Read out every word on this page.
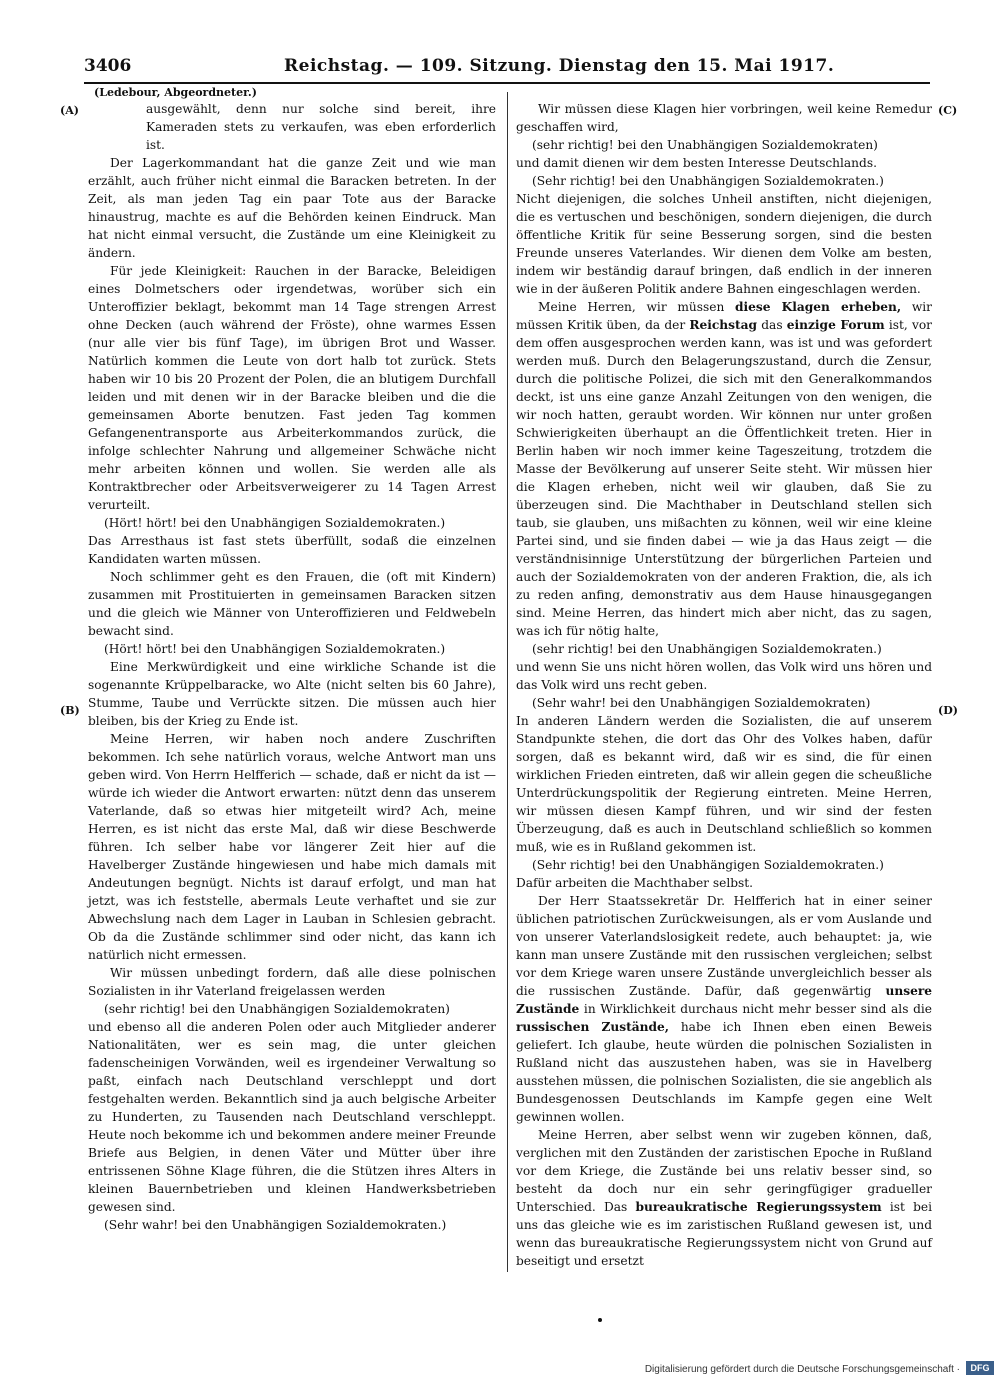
3406	Reichstag. — 109. Sitzung. Dienstag den 15. Mai 1917.
(Ledebour, Abgeordneter.)
(A)
(B)
(C)
(D)

ausgewählt, denn nur solche sind bereit, ihre Kameraden stets zu verkaufen, was eben erforderlich ist.

Der Lagerkommandant hat die ganze Zeit und wie man erzählt, auch früher nicht einmal die Baracken betreten. In der Zeit, als man jeden Tag ein paar Tote aus der Baracke hinaustrug, machte es auf die Behörden keinen Eindruck. Man hat nicht einmal versucht, die Zustände um eine Kleinigkeit zu ändern.

Für jede Kleinigkeit: Rauchen in der Baracke, Beleidigen eines Dolmetschers oder irgendetwas, worüber sich ein Unteroffizier beklagt, bekommt man 14 Tage strengen Arrest ohne Decken (auch während der Fröste), ohne warmes Essen (nur alle vier bis fünf Tage), im übrigen Brot und Wasser. Natürlich kommen die Leute von dort halb tot zurück. Stets haben wir 10 bis 20 Prozent der Polen, die an blutigem Durchfall leiden und mit denen wir in der Baracke bleiben und die die gemeinsamen Aborte benutzen. Fast jeden Tag kommen Gefangenentransporte aus Arbeiterkommandos zurück, die infolge schlechter Nahrung und allgemeiner Schwäche nicht mehr arbeiten können und wollen. Sie werden alle als Kontraktbrecher oder Arbeitsverweigerer zu 14 Tagen Arrest verurteilt.

(Hört! hört! bei den Unabhängigen Sozialdemokraten.)

Das Arresthaus ist fast stets überfüllt, sodaß die einzelnen Kandidaten warten müssen.

Noch schlimmer geht es den Frauen, die (oft mit Kindern) zusammen mit Prostituierten in gemeinsamen Baracken sitzen und die gleich wie Männer von Unteroffizieren und Feldwebeln bewacht sind.

(Hört! hört! bei den Unabhängigen Sozialdemokraten.)

Eine Merkwürdigkeit und eine wirkliche Schande ist die sogenannte Krüppelbaracke, wo Alte (nicht selten bis 60 Jahre), Stumme, Taube und Verrückte sitzen. Die müssen auch hier bleiben, bis der Krieg zu Ende ist.

Meine Herren, wir haben noch andere Zuschriften bekommen. Ich sehe natürlich voraus, welche Antwort man uns geben wird. Von Herrn Helfferich — schade, daß er nicht da ist — würde ich wieder die Antwort erwarten: nützt denn das unserem Vaterlande, daß so etwas hier mitgeteilt wird? Ach, meine Herren, es ist nicht das erste Mal, daß wir diese Beschwerde führen. Ich selber habe vor längerer Zeit hier auf die Havelberger Zustände hingewiesen und habe mich damals mit Andeutungen begnügt. Nichts ist darauf erfolgt, und man hat jetzt, was ich feststelle, abermals Leute verhaftet und sie zur Abwechslung nach dem Lager in Lauban in Schlesien gebracht. Ob da die Zustände schlimmer sind oder nicht, das kann ich natürlich nicht ermessen.

Wir müssen unbedingt fordern, daß alle diese polnischen Sozialisten in ihr Vaterland freigelassen werden

(sehr richtig! bei den Unabhängigen Sozialdemokraten)

und ebenso all die anderen Polen oder auch Mitglieder anderer Nationalitäten, wer es sein mag, die unter gleichen fadenscheinigen Vorwänden, weil es irgendeiner Verwaltung so paßt, einfach nach Deutschland verschleppt und dort festgehalten werden. Bekanntlich sind ja auch belgische Arbeiter zu Hunderten, zu Tausenden nach Deutschland verschleppt. Heute noch bekomme ich und bekommen andere meiner Freunde Briefe aus Belgien, in denen Väter und Mütter über ihre entrissenen Söhne Klage führen, die die Stützen ihres Alters in kleinen Bauernbetrieben und kleinen Handwerksbetrieben gewesen sind.

(Sehr wahr! bei den Unabhängigen Sozialdemokraten.)

Wir müssen diese Klagen hier vorbringen, weil keine Remedur geschaffen wird,

(sehr richtig! bei den Unabhängigen Sozialdemokraten)

und damit dienen wir dem besten Interesse Deutschlands.

(Sehr richtig! bei den Unabhängigen Sozialdemokraten.)

Nicht diejenigen, die solches Unheil anstiften, nicht diejenigen, die es vertuschen und beschönigen, sondern diejenigen, die durch öffentliche Kritik für seine Besserung sorgen, sind die besten Freunde unseres Vaterlandes. Wir dienen dem Volke am besten, indem wir beständig darauf bringen, daß endlich in der inneren wie in der äußeren Politik andere Bahnen eingeschlagen werden.

Meine Herren, wir müssen diese Klagen erheben, wir müssen Kritik üben, da der Reichstag das einzige Forum ist, vor dem offen ausgesprochen werden kann, was ist und was gefordert werden muß. Durch den Belagerungszustand, durch die Zensur, durch die politische Polizei, die sich mit den Generalkommandos deckt, ist uns eine ganze Anzahl Zeitungen von den wenigen, die wir noch hatten, geraubt worden. Wir können nur unter großen Schwierigkeiten überhaupt an die Öffentlichkeit treten. Hier in Berlin haben wir noch immer keine Tageszeitung, trotzdem die Masse der Bevölkerung auf unserer Seite steht. Wir müssen hier die Klagen erheben, nicht weil wir glauben, daß Sie zu überzeugen sind. Die Machthaber in Deutschland stellen sich taub, sie glauben, uns mißachten zu können, weil wir eine kleine Partei sind, und sie finden dabei — wie ja das Haus zeigt — die verständnisinnige Unterstützung der bürgerlichen Parteien und auch der Sozialdemokraten von der anderen Fraktion, die, als ich zu reden anfing, demonstrativ aus dem Hause hinausgegangen sind. Meine Herren, das hindert mich aber nicht, das zu sagen, was ich für nötig halte,

(sehr richtig! bei den Unabhängigen Sozialdemokraten.)

und wenn Sie uns nicht hören wollen, das Volk wird uns hören und das Volk wird uns recht geben.

(Sehr wahr! bei den Unabhängigen Sozialdemokraten)

In anderen Ländern werden die Sozialisten, die auf unserem Standpunkte stehen, die dort das Ohr des Volkes haben, dafür sorgen, daß es bekannt wird, daß wir es sind, die für einen wirklichen Frieden eintreten, daß wir allein gegen die scheußliche Unterdrückungspolitik der Regierung eintreten. Meine Herren, wir müssen diesen Kampf führen, und wir sind der festen Überzeugung, daß es auch in Deutschland schließlich so kommen muß, wie es in Rußland gekommen ist.

(Sehr richtig! bei den Unabhängigen Sozialdemokraten.)

Dafür arbeiten die Machthaber selbst.

Der Herr Staatssekretär Dr. Helfferich hat in einer seiner üblichen patriotischen Zurückweisungen, als er vom Auslande und von unserer Vaterlandslosigkeit redete, auch behauptet: ja, wie kann man unsere Zustände mit den russischen vergleichen; selbst vor dem Kriege waren unsere Zustände unvergleichlich besser als die russischen Zustände. Dafür, daß gegenwärtig unsere Zustände in Wirklichkeit durchaus nicht mehr besser sind als die russischen Zustände, habe ich Ihnen eben einen Beweis geliefert. Ich glaube, heute würden die polnischen Sozialisten in Rußland nicht das auszustehen haben, was sie in Havelberg ausstehen müssen, die polnischen Sozialisten, die sie angeblich als Bundesgenossen Deutschlands im Kampfe gegen eine Welt gewinnen wollen.

Meine Herren, aber selbst wenn wir zugeben können, daß, verglichen mit den Zuständen der zaristischen Epoche in Rußland vor dem Kriege, die Zustände bei uns relativ besser sind, so besteht da doch nur ein sehr geringfügiger gradueller Unterschied. Das bureaukratische Regierungssystem ist bei uns das gleiche wie es im zaristischen Rußland gewesen ist, und wenn das bureaukratische Regierungssystem nicht von Grund auf beseitigt und ersetzt

Digitalisierung gefördert durch die Deutsche Forschungsgemeinschaft ·	DFG
